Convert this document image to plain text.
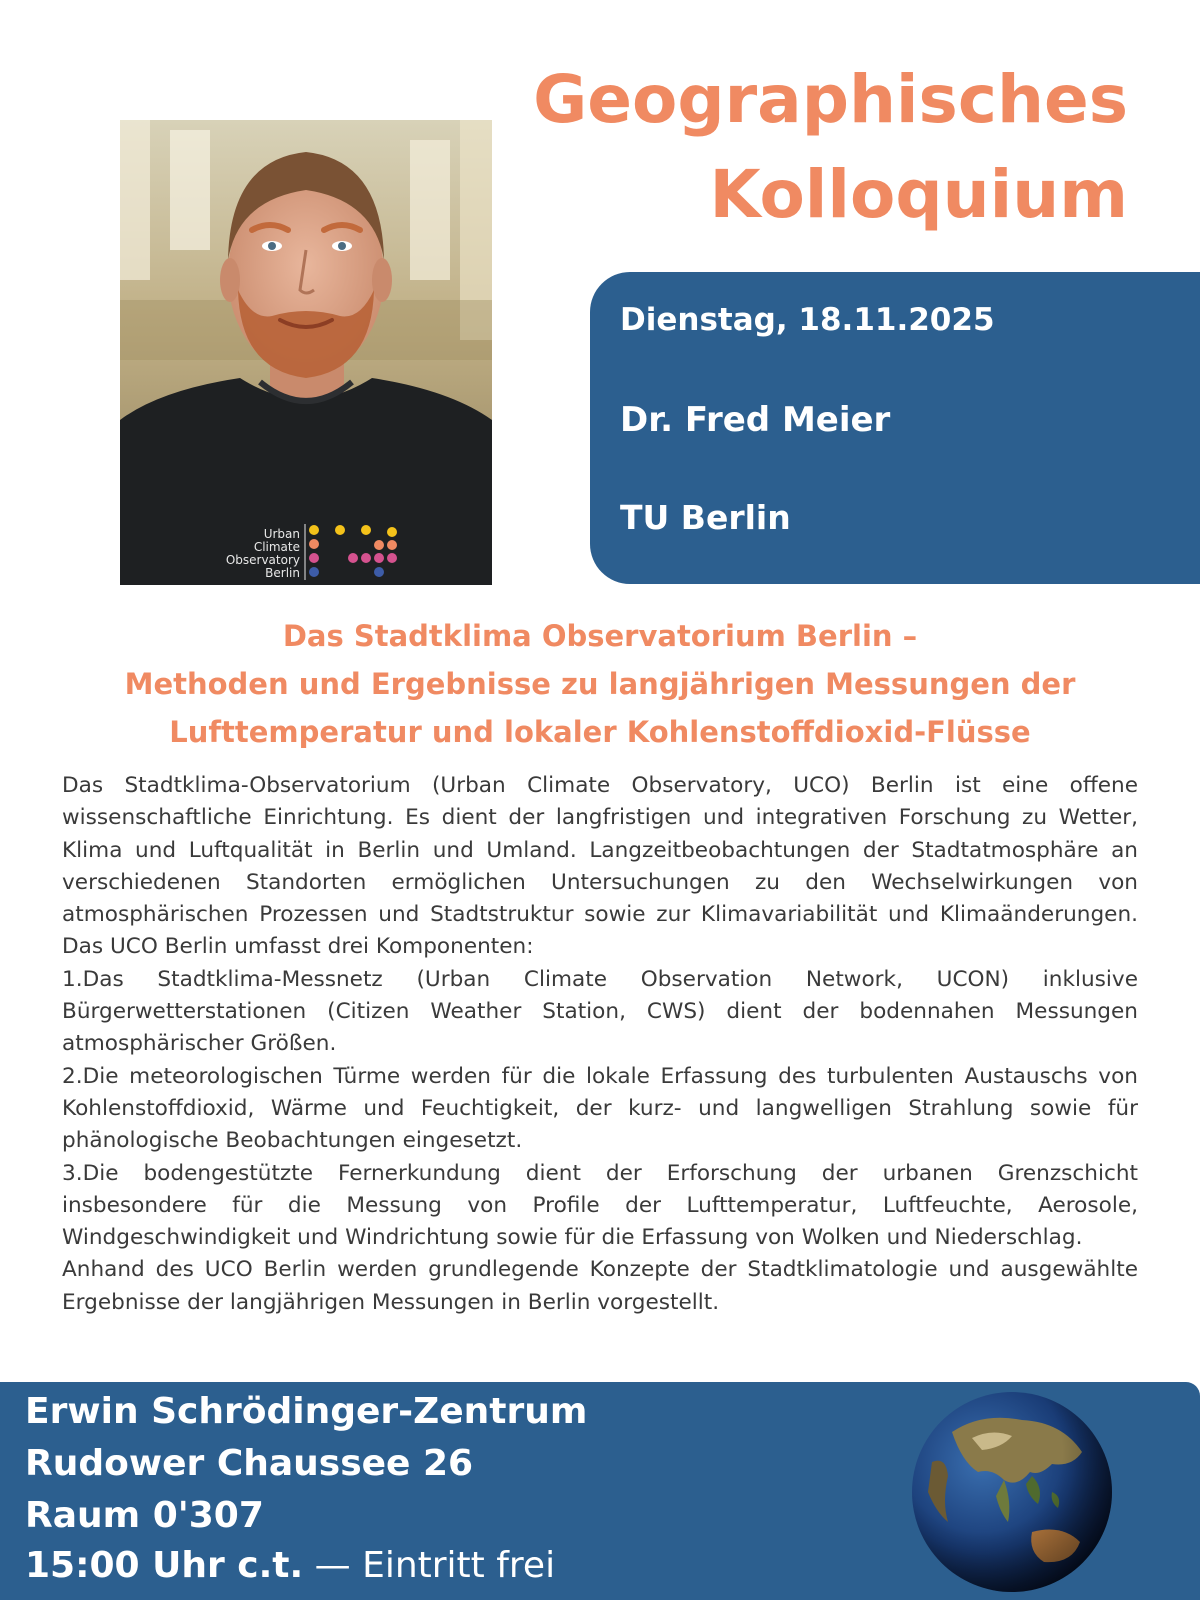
Geographisches
Kolloquium
Urban
Climate
Observatory
Berlin
Dienstag, 18.11.2025
Dr. Fred Meier
TU Berlin
Das Stadtklima Observatorium Berlin –
Methoden und Ergebnisse zu langjährigen Messungen der
Lufttemperatur und lokaler Kohlenstoffdioxid-Flüsse

Das Stadtklima-Observatorium (Urban Climate Observatory, UCO) Berlin ist eine offene wissenschaftliche Einrichtung. Es dient der langfristigen und integrativen Forschung zu Wetter, Klima und Luftqualität in Berlin und Umland. Langzeitbeobachtungen der Stadtatmosphäre an verschiedenen Standorten ermöglichen Untersuchungen zu den Wechselwirkungen von atmosphärischen Prozessen und Stadtstruktur sowie zur Klimavariabilität und Klimaänderungen. Das UCO Berlin umfasst drei Komponenten:

1.Das Stadtklima-Messnetz (Urban Climate Observation Network, UCON) inklusive Bürgerwetterstationen (Citizen Weather Station, CWS) dient der bodennahen Messungen atmosphärischer Größen.

2.Die meteorologischen Türme werden für die lokale Erfassung des turbulenten Austauschs von Kohlenstoffdioxid, Wärme und Feuchtigkeit, der kurz- und langwelligen Strahlung sowie für phänologische Beobachtungen eingesetzt.

3.Die bodengestützte Fernerkundung dient der Erforschung der urbanen Grenzschicht insbesondere für die Messung von Profile der Lufttemperatur, Luftfeuchte, Aerosole, Windgeschwindigkeit und Windrichtung sowie für die Erfassung von Wolken und Niederschlag.

Anhand des UCO Berlin werden grundlegende Konzepte der Stadtklimatologie und ausgewählte Ergebnisse der langjährigen Messungen in Berlin vorgestellt.

Erwin Schrödinger-Zentrum
Rudower Chaussee 26
Raum 0'307
15:00 Uhr c.t. — Eintritt frei
